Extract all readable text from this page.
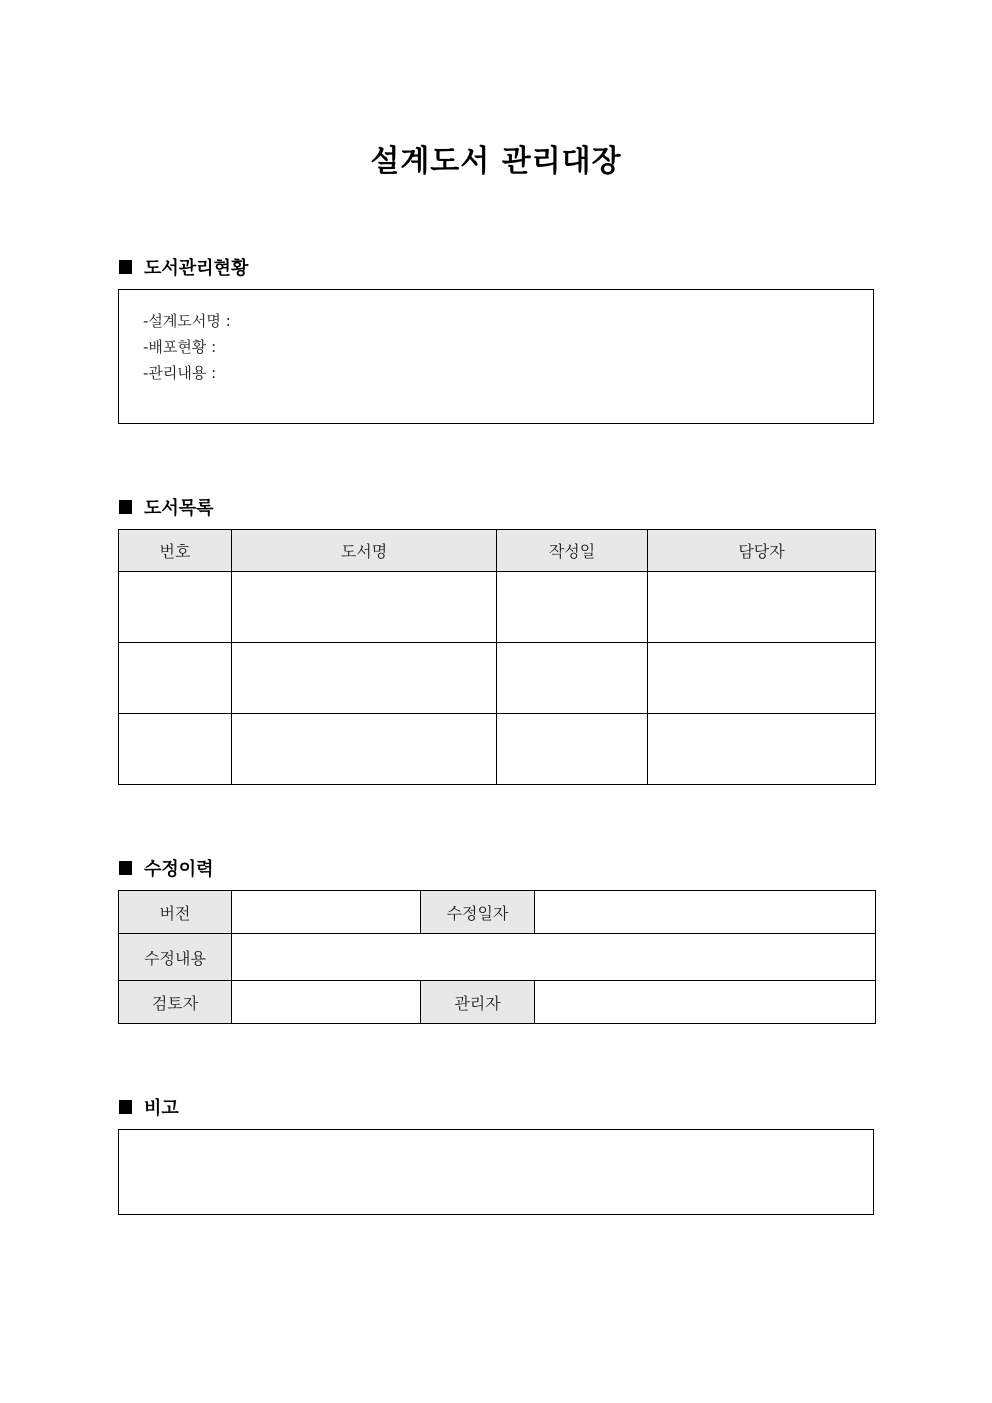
설계도서 관리대장
도서관리현황
-설계도서명 :
-배포현황 :
-관리내용 :
도서목록
번호	도서명	작성일	담당자

수정이력
버전		수정일자	
수정내용			
검토자		관리자	
비고
